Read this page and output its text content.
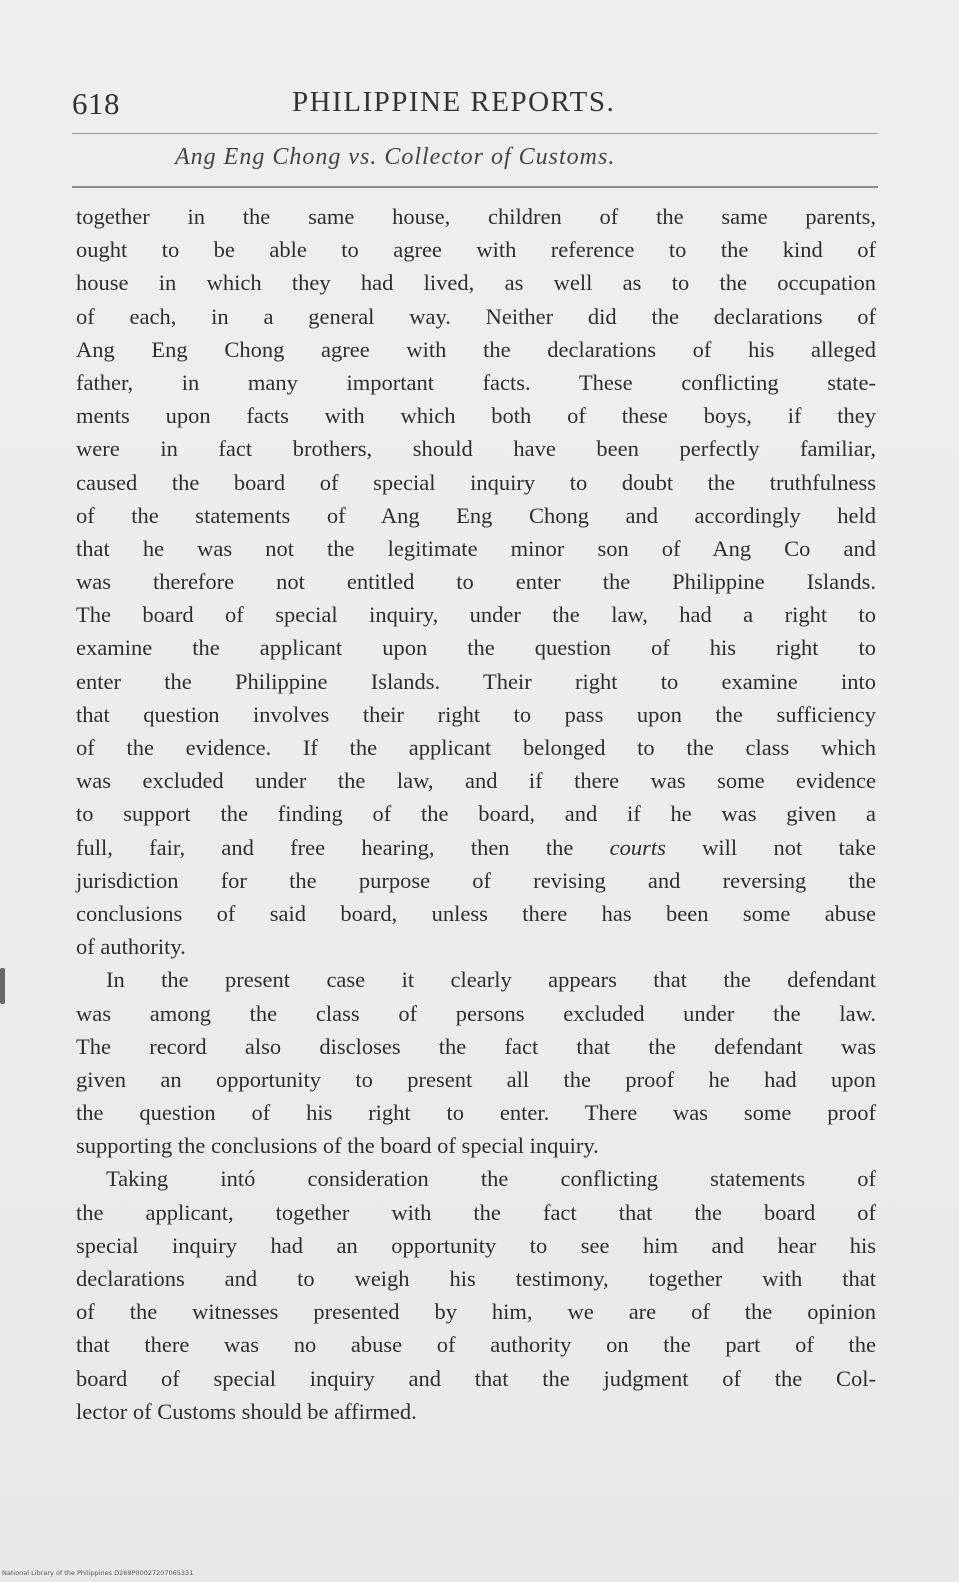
618	PHILIPPINE REPORTS.
Ang Eng Chong vs. Collector of Customs.
together in the same house, children of the same parents,
ought to be able to agree with reference to the kind of
house in which they had lived, as well as to the occupation
of each, in a general way. Neither did the declarations of
Ang Eng Chong agree with the declarations of his alleged
father, in many important facts. These conflicting state-
ments upon facts with which both of these boys, if they
were in fact brothers, should have been perfectly familiar,
caused the board of special inquiry to doubt the truthfulness
of the statements of Ang Eng Chong and accordingly held
that he was not the legitimate minor son of Ang Co and
was therefore not entitled to enter the Philippine Islands.
The board of special inquiry, under the law, had a right to
examine the applicant upon the question of his right to
enter the Philippine Islands. Their right to examine into
that question involves their right to pass upon the sufficiency
of the evidence. If the applicant belonged to the class which
was excluded under the law, and if there was some evidence
to support the finding of the board, and if he was given a
full, fair, and free hearing, then the courts will not take
jurisdiction for the purpose of revising and reversing the
conclusions of said board, unless there has been some abuse
of authority.
In the present case it clearly appears that the defendant
was among the class of persons excluded under the law.
The record also discloses the fact that the defendant was
given an opportunity to present all the proof he had upon
the question of his right to enter. There was some proof
supporting the conclusions of the board of special inquiry.
Taking intó consideration the conflicting statements of
the applicant, together with the fact that the board of
special inquiry had an opportunity to see him and hear his
declarations and to weigh his testimony, together with that
of the witnesses presented by him, we are of the opinion
that there was no abuse of authority on the part of the
board of special inquiry and that the judgment of the Col-
lector of Customs should be affirmed.
National Library of the Philippines D269P00027207065331
